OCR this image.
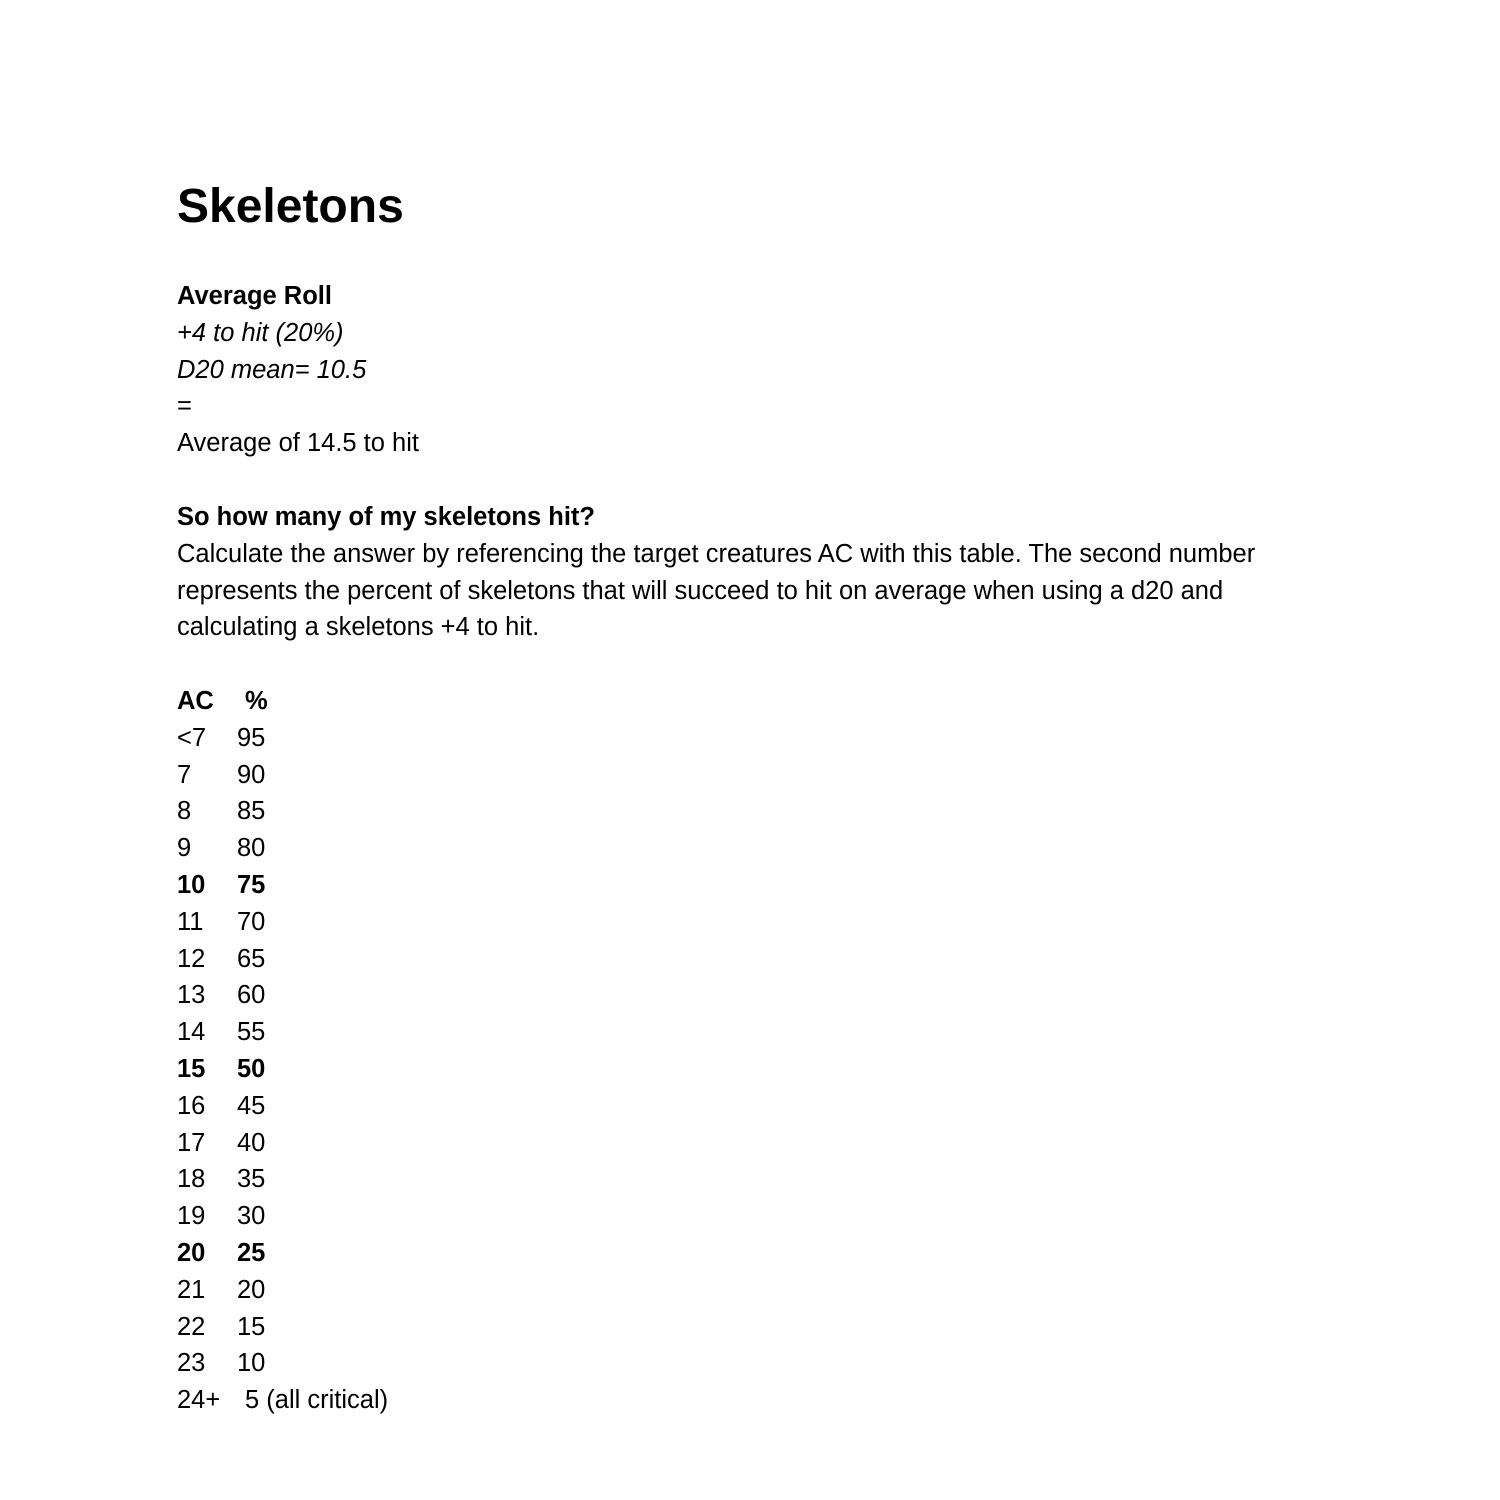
Skeletons
Average Roll
+4 to hit (20%)
D20 mean= 10.5
=
Average of 14.5 to hit
So how many of my skeletons hit?
Calculate the answer by referencing the target creatures AC with this table. The second number represents the percent of skeletons that will succeed to hit on average when using a d20 and calculating a skeletons +4 to hit.
AC	%
<7	95
7	90
8	85
9	80
10	75
11	70
12	65
13	60
14	55
15	50
16	45
17	40
18	35
19	30
20	25
21	20
22	15
23	10
24+ 5 (all critical)
